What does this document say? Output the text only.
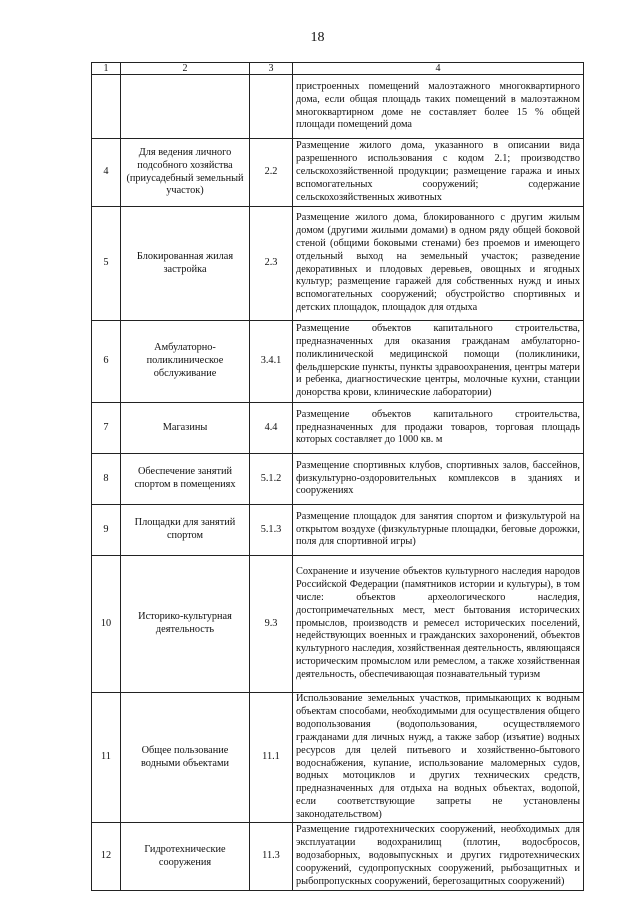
18
1	2	3	4
			пристроенных помещений малоэтажного многоквартирного дома, если общая площадь таких помещений в малоэтажном многоквартирном доме не составляет более 15 % общей площади помещений дома
4	Для ведения личного подсобного хозяйства (приусадебный земельный участок)	2.2	Размещение жилого дома, указанного в описании вида разрешенного использования с кодом 2.1; производство сельскохозяйственной продукции; размещение гаража и иных вспомогательных сооружений; содержание сельскохозяйственных животных
5	Блокированная жилая застройка	2.3	Размещение жилого дома, блокированного с другим жилым домом (другими жилыми домами) в одном ряду общей боковой стеной (общими боковыми стенами) без проемов и имеющего отдельный выход на земельный участок; разведение декоративных и плодовых деревьев, овощных и ягодных культур; размещение гаражей для собственных нужд и иных вспомогательных сооружений; обустройство спортивных и детских площадок, площадок для отдыха
6	Амбулаторно-поликлиническое обслуживание	3.4.1	Размещение объектов капитального строительства, предназначенных для оказания гражданам амбулаторно-поликлинической медицинской помощи (поликлиники, фельдшерские пункты, пункты здравоохранения, центры матери и ребенка, диагностические центры, молочные кухни, станции донорства крови, клинические лаборатории)
7	Магазины	4.4	Размещение объектов капитального строительства, предназначенных для продажи товаров, торговая площадь которых составляет до 1000 кв. м
8	Обеспечение занятий спортом в помещениях	5.1.2	Размещение спортивных клубов, спортивных залов, бассейнов, физкультурно-оздоровительных комплексов в зданиях и сооружениях
9	Площадки для занятий спортом	5.1.3	Размещение площадок для занятия спортом и физкультурой на открытом воздухе (физкультурные площадки, беговые дорожки, поля для спортивной игры)
10	Историко-культурная деятельность	9.3	Сохранение и изучение объектов культурного наследия народов Российской Федерации (памятников истории и культуры), в том числе: объектов археологического наследия, достопримечательных мест, мест бытования исторических промыслов, производств и ремесел исторических поселений, недействующих военных и гражданских захоронений, объектов культурного наследия, хозяйственная деятельность, являющаяся историческим промыслом или ремеслом, а также хозяйственная деятельность, обеспечивающая познавательный туризм
11	Общее пользование водными объектами	11.1	Использование земельных участков, примыкающих к водным объектам способами, необходимыми для осуществления общего водопользования (водопользования, осуществляемого гражданами для личных нужд, а также забор (изъятие) водных ресурсов для целей питьевого и хозяйственно-бытового водоснабжения, купание, использование маломерных судов, водных мотоциклов и других технических средств, предназначенных для отдыха на водных объектах, водопой, если соответствующие запреты не установлены законодательством)
12	Гидротехнические сооружения	11.3	Размещение гидротехнических сооружений, необходимых для эксплуатации водохранилищ (плотин, водосбросов, водозаборных, водовыпускных и других гидротехнических сооружений, судопропускных сооружений, рыбозащитных и рыбопропускных сооружений, берегозащитных сооружений)
